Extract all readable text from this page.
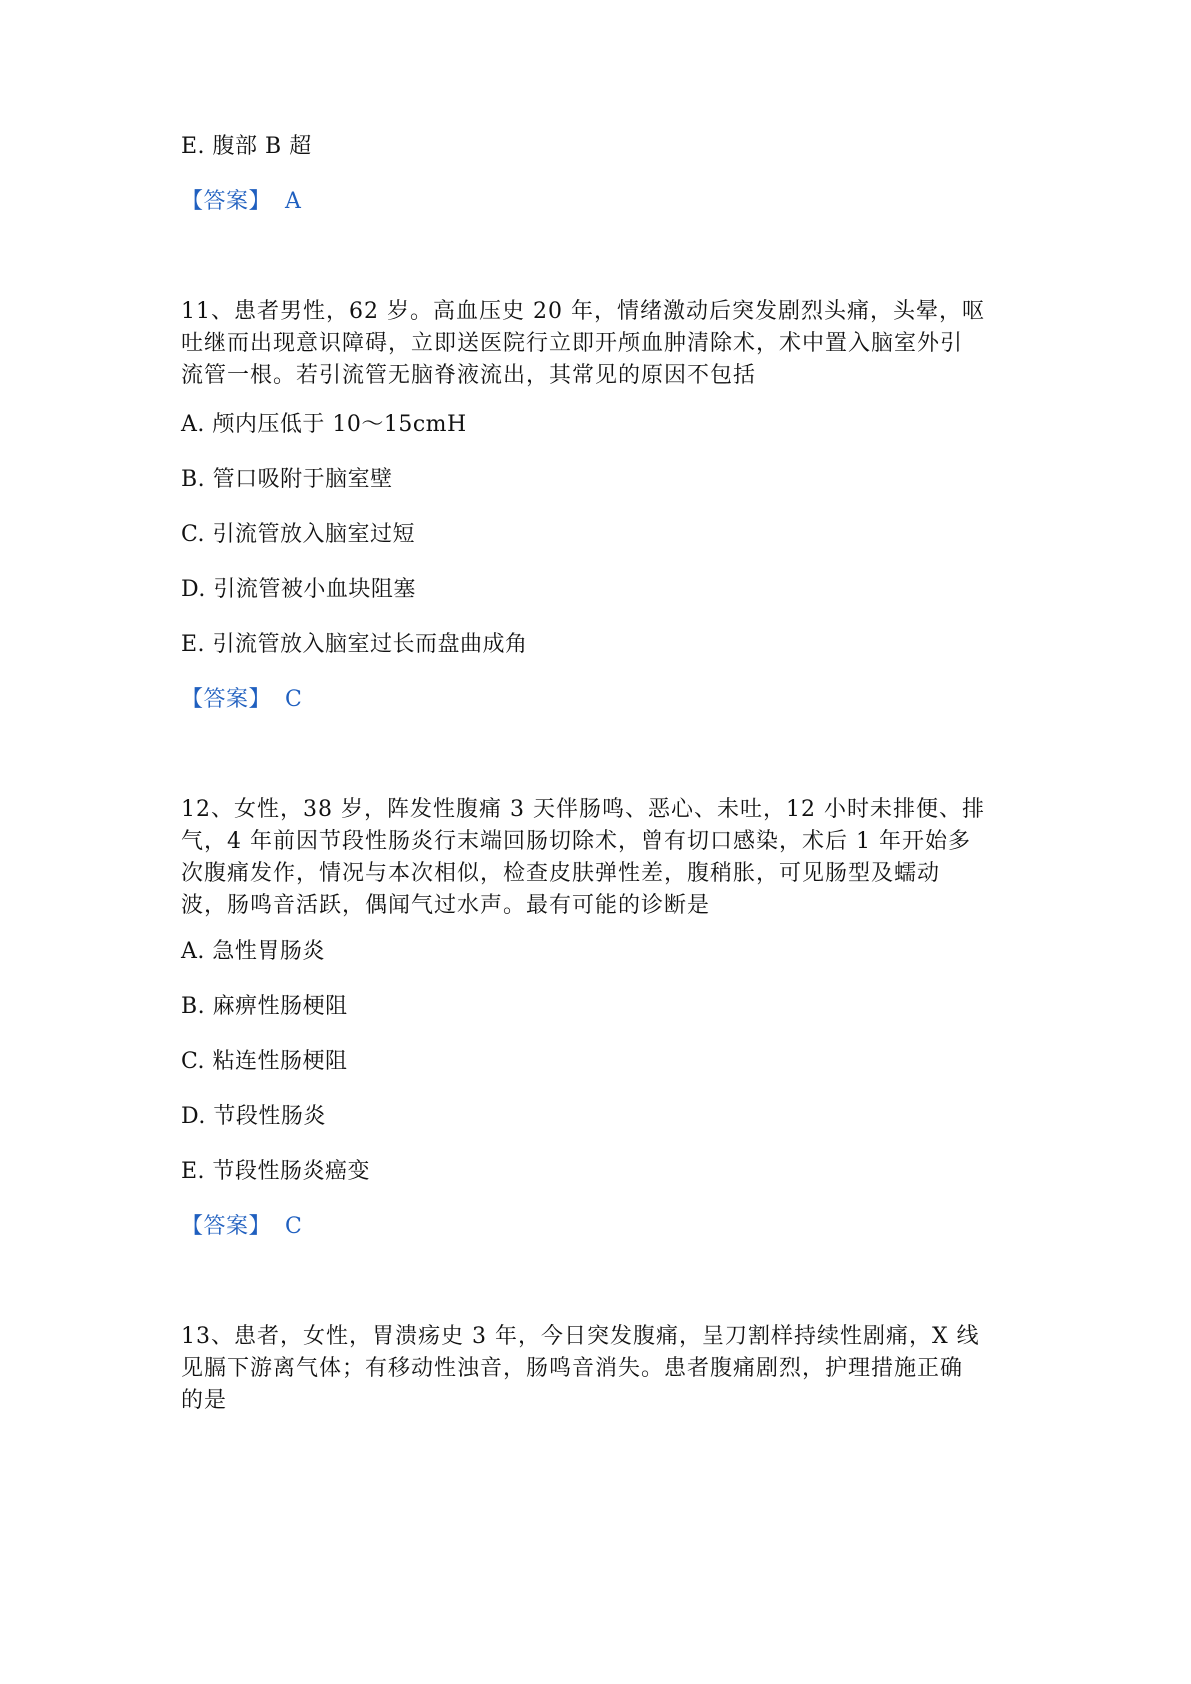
E. 腹部 B 超
【答案】 A
11、患者男性，62 岁。高血压史 20 年，情绪激动后突发剧烈头痛，头晕，呕
吐继而出现意识障碍，立即送医院行立即开颅血肿清除术，术中置入脑室外引
流管一根。若引流管无脑脊液流出，其常见的原因不包括
A. 颅内压低于 10～15cmH
B. 管口吸附于脑室壁
C. 引流管放入脑室过短
D. 引流管被小血块阻塞
E. 引流管放入脑室过长而盘曲成角
【答案】 C
12、女性，38 岁，阵发性腹痛 3 天伴肠鸣、恶心、未吐，12 小时未排便、排
气，4 年前因节段性肠炎行末端回肠切除术，曾有切口感染，术后 1 年开始多
次腹痛发作，情况与本次相似，检查皮肤弹性差，腹稍胀，可见肠型及蠕动
波，肠鸣音活跃，偶闻气过水声。最有可能的诊断是
A. 急性胃肠炎
B. 麻痹性肠梗阻
C. 粘连性肠梗阻
D. 节段性肠炎
E. 节段性肠炎癌变
【答案】 C
13、患者，女性，胃溃疡史 3 年，今日突发腹痛，呈刀割样持续性剧痛，X 线
见膈下游离气体；有移动性浊音，肠鸣音消失。患者腹痛剧烈，护理措施正确
的是
